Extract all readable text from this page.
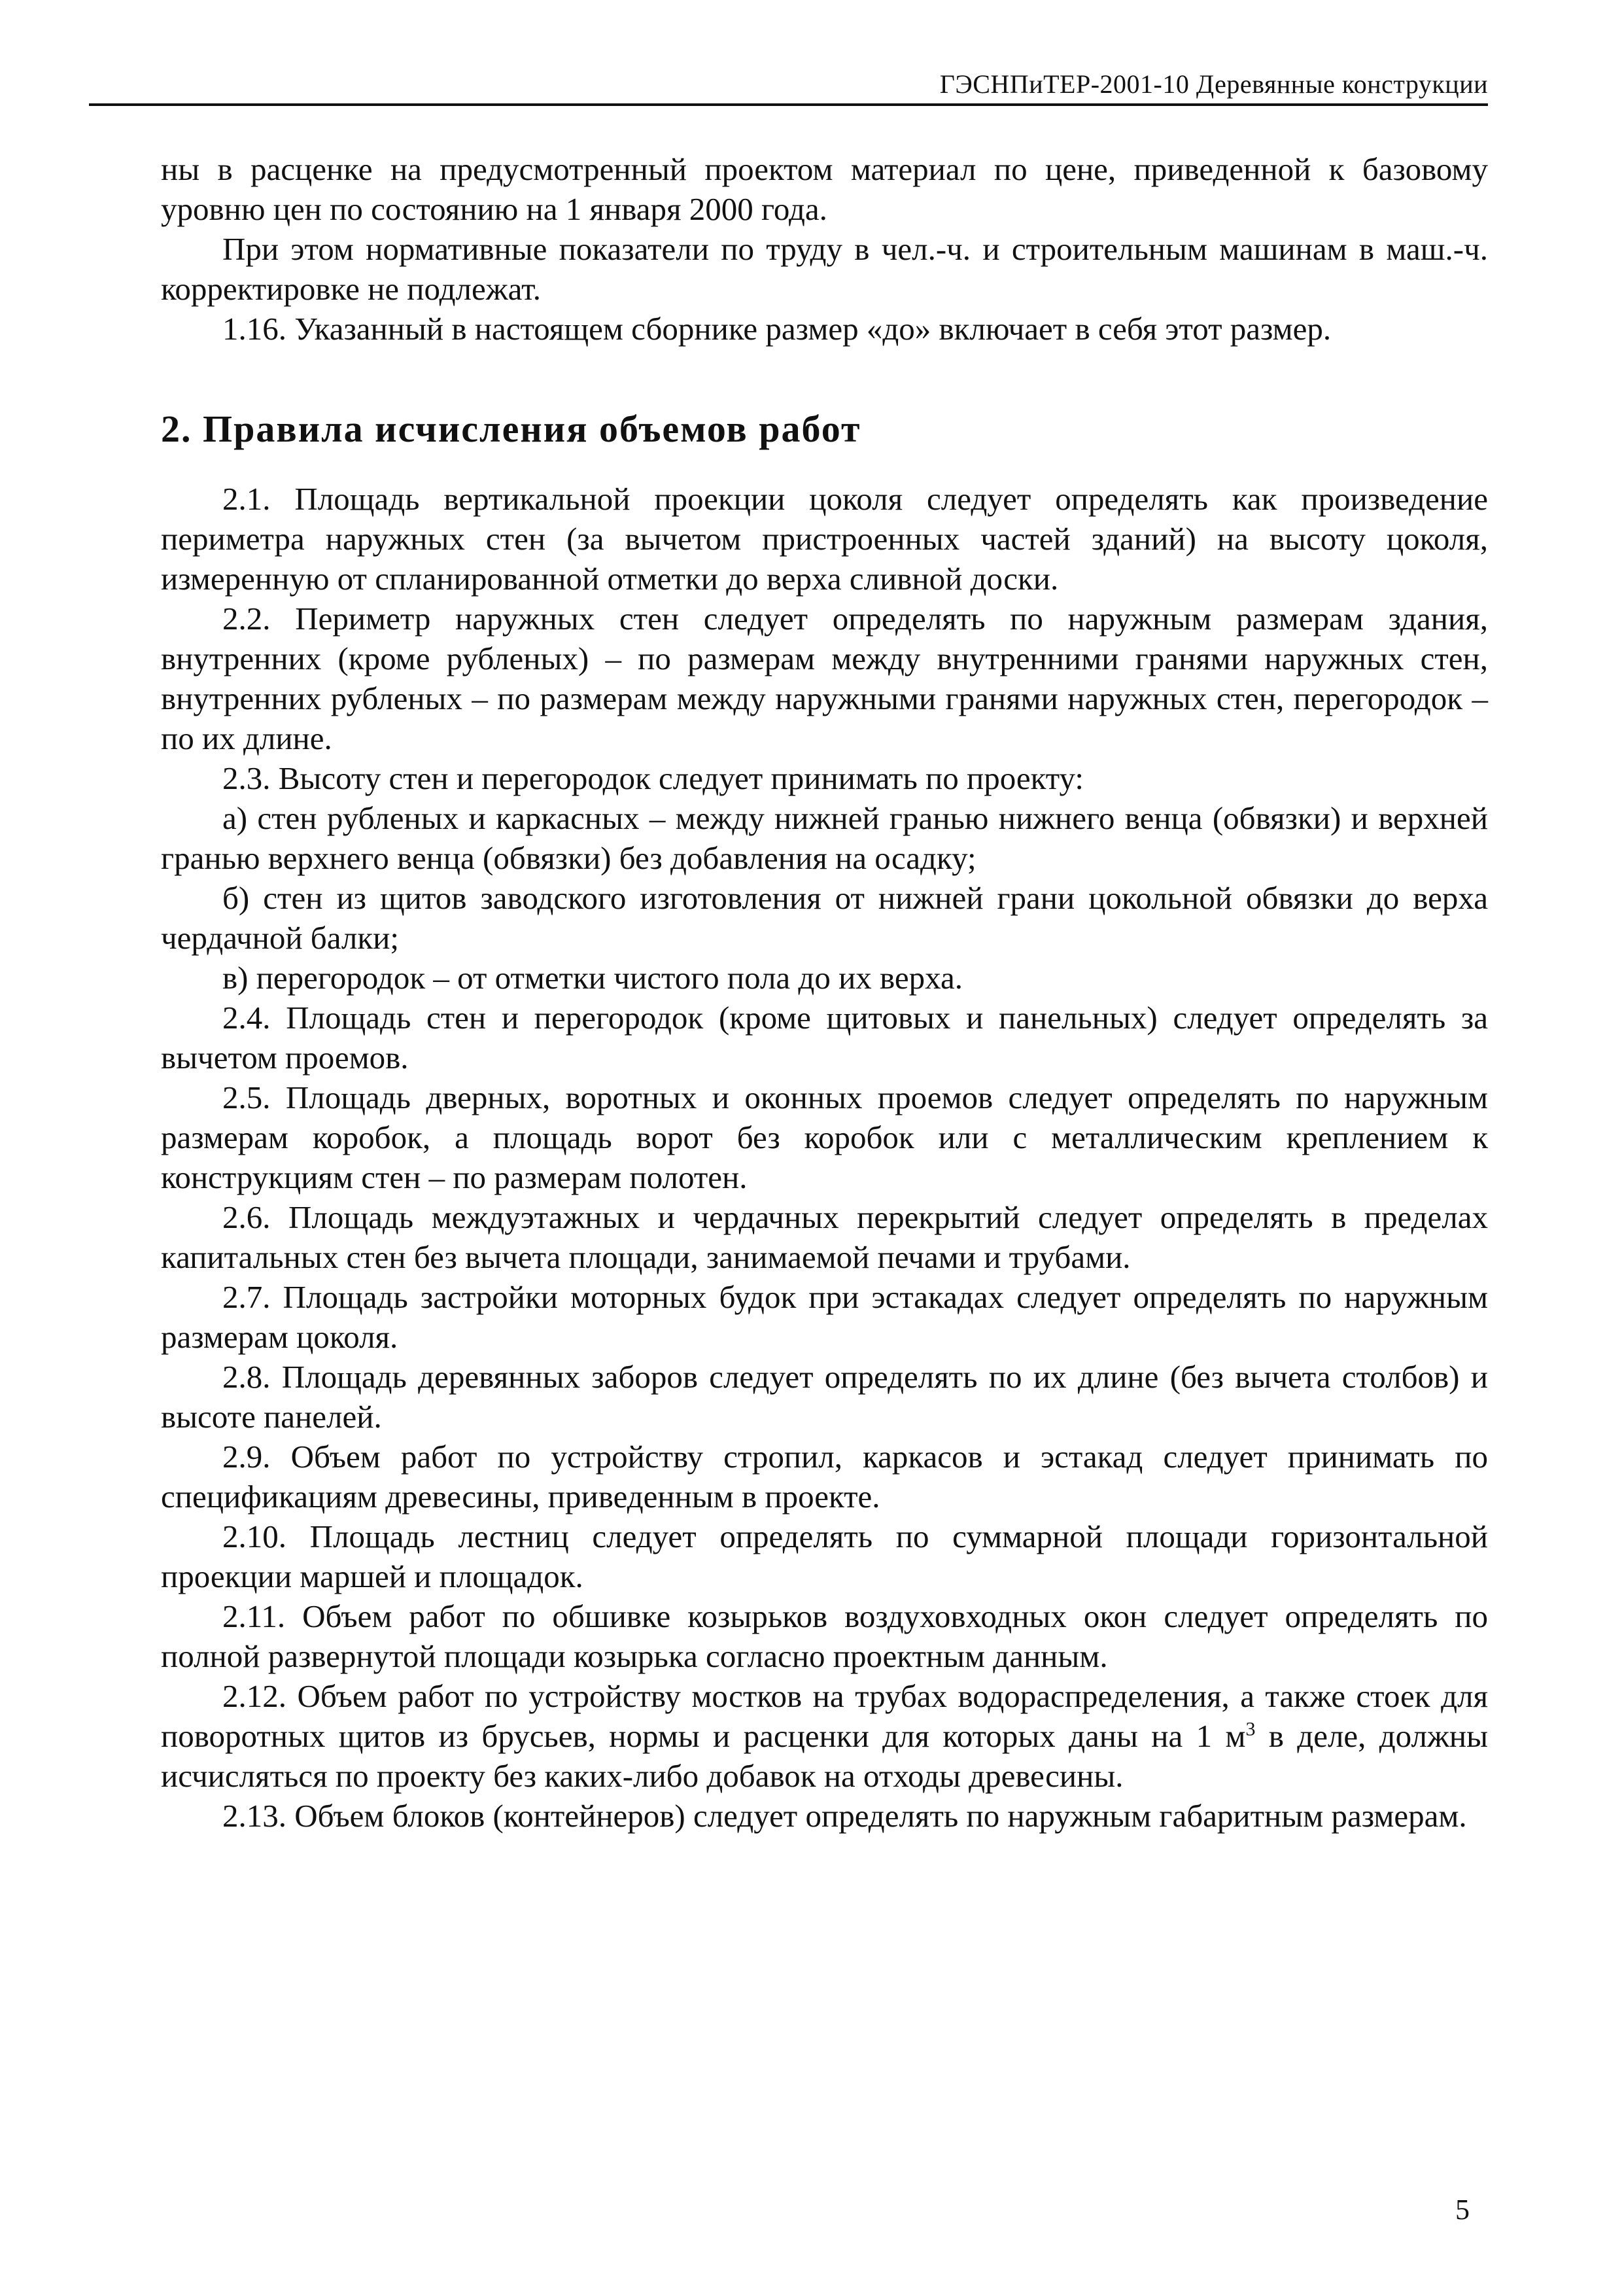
ГЭСНПиТЕР-2001-10 Деревянные конструкции

ны в расценке на предусмотренный проектом материал по цене, приведенной к базовому уровню цен по состоянию на 1 января 2000 года.

При этом нормативные показатели по труду в чел.-ч. и строительным машинам в маш.-ч. корректировке не подлежат.

1.16. Указанный в настоящем сборнике размер «до» включает в себя этот размер.

2. Правила исчисления объемов работ

2.1. Площадь вертикальной проекции цоколя следует определять как произведение периметра наружных стен (за вычетом пристроенных частей зданий) на высоту цоколя, измеренную от спланированной отметки до верха сливной доски.

2.2. Периметр наружных стен следует определять по наружным размерам здания, внутренних (кроме рубленых) – по размерам между внутренними гранями наружных стен, внутренних рубленых – по размерам между наружными гранями наружных стен, перегородок – по их длине.

2.3. Высоту стен и перегородок следует принимать по проекту:

а) стен рубленых и каркасных – между нижней гранью нижнего венца (обвязки) и верхней гранью верхнего венца (обвязки) без добавления на осадку;

б) стен из щитов заводского изготовления от нижней грани цокольной обвязки до верха чердачной балки;

в) перегородок – от отметки чистого пола до их верха.

2.4. Площадь стен и перегородок (кроме щитовых и панельных) следует определять за вычетом проемов.

2.5. Площадь дверных, воротных и оконных проемов следует определять по наружным размерам коробок, а площадь ворот без коробок или с металлическим креплением к конструкциям стен – по размерам полотен.

2.6. Площадь междуэтажных и чердачных перекрытий следует определять в пределах капитальных стен без вычета площади, занимаемой печами и трубами.

2.7. Площадь застройки моторных будок при эстакадах следует определять по наружным размерам цоколя.

2.8. Площадь деревянных заборов следует определять по их длине (без вычета столбов) и высоте панелей.

2.9. Объем работ по устройству стропил, каркасов и эстакад следует принимать по спецификациям древесины, приведенным в проекте.

2.10. Площадь лестниц следует определять по суммарной площади горизонтальной проекции маршей и площадок.

2.11. Объем работ по обшивке козырьков воздуховходных окон следует определять по полной развернутой площади козырька согласно проектным данным.

2.12. Объем работ по устройству мостков на трубах водораспределения, а также стоек для поворотных щитов из брусьев, нормы и расценки для которых даны на 1 $м^3$ в деле, должны исчисляться по проекту без каких-либо добавок на отходы древесины.

2.13. Объем блоков (контейнеров) следует определять по наружным габаритным размерам.

5
